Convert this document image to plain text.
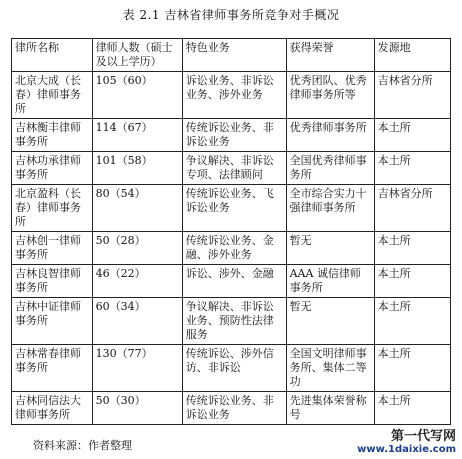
表 2.1 吉林省律师事务所竞争对手概况
律所名称	律师人数（硕士及以上学历）	特色业务	获得荣誉	发源地
北京大成（长春）律师事务所	105（60）	诉讼业务、非诉讼业务、涉外业务	优秀团队、优秀律师事务所等	吉林省分所
吉林衡丰律师事务所	114（67）	传统诉讼业务、非诉讼业务	优秀律师事务所	本土所
吉林功承律师事务所	101（58）	争议解决、非诉讼专项、法律顾问	全国优秀律师事务所	本土所
北京盈科（长春）律师事务所	80（54）	传统诉讼业务、飞诉讼业务	全市综合实力十强律师事务所	吉林省分所
吉林创一律师事务所	50（28）	传统诉讼业务、金融、涉外业务	暂无	本土所
吉林良智律师事务所	46（22）	诉讼、涉外、金融	AAA 诚信律师事务所	本土所
吉林中证律师事务所	60（34）	争议解决、非诉讼业务、预防性法律服务	暂无	本土所
吉林常春律师事务所	130（77）	传统诉讼、涉外信访、非诉讼	全国文明律师事务所、集体二等功	本土所
吉林同信法大律师事务所	50（30）	传统诉讼业务、非诉讼业务	先进集体荣誉称号	本土所
资料来源：作者整理
第一代写网
www.1daixie.com
